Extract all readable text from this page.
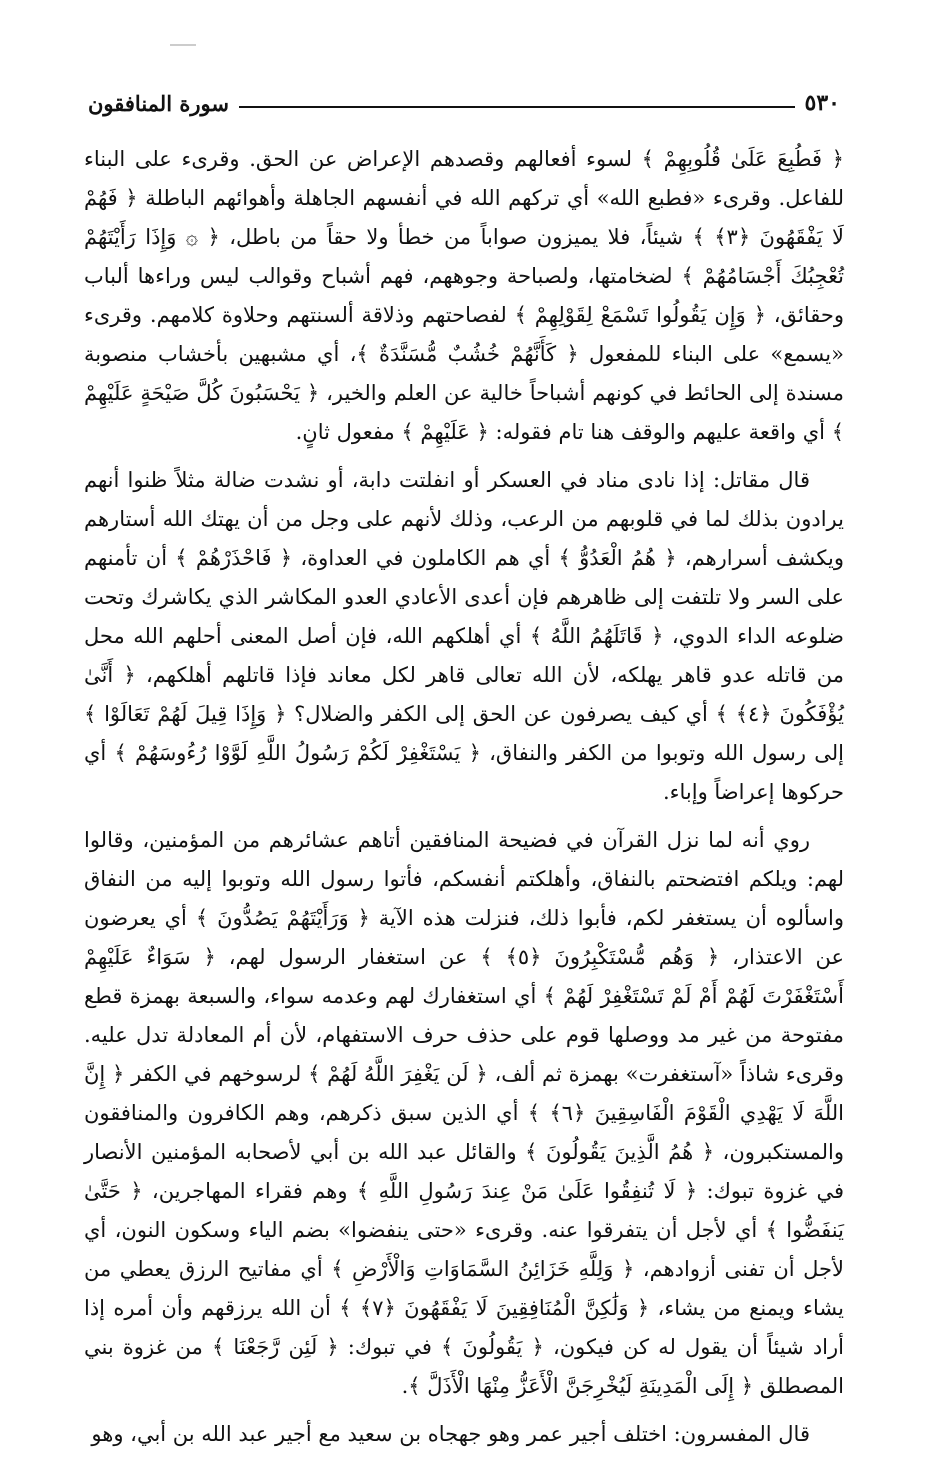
٥٣٠
سورة المنافقون

﴿ فَطُبِعَ عَلَىٰ قُلُوبِهِمْ ﴾ لسوء أفعالهم وقصدهم الإعراض عن الحق. وقرىء على البناء للفاعل. وقرىء «فطبع الله» أي تركهم الله في أنفسهم الجاهلة وأهوائهم الباطلة ﴿ فَهُمْ لَا يَفْقَهُونَ ﴿٣﴾ ﴾ شيئاً، فلا يميزون صواباً من خطأ ولا حقاً من باطل، ﴿ ۞ وَإِذَا رَأَيْتَهُمْ تُعْجِبُكَ أَجْسَامُهُمْ ﴾ لضخامتها، ولصباحة وجوههم، فهم أشباح وقوالب ليس وراءها ألباب وحقائق، ﴿ وَإِن يَقُولُوا تَسْمَعْ لِقَوْلِهِمْ ﴾ لفصاحتهم وذلاقة ألسنتهم وحلاوة كلامهم. وقرىء «يسمع» على البناء للمفعول ﴿ كَأَنَّهُمْ خُشُبٌ مُّسَنَّدَةٌ ﴾، أي مشبهين بأخشاب منصوبة مسندة إلى الحائط في كونهم أشباحاً خالية عن العلم والخير، ﴿ يَحْسَبُونَ كُلَّ صَيْحَةٍ عَلَيْهِمْ ﴾ أي واقعة عليهم والوقف هنا تام فقوله: ﴿ عَلَيْهِمْ ﴾ مفعول ثانٍ.

قال مقاتل: إذا نادى مناد في العسكر أو انفلتت دابة، أو نشدت ضالة مثلاً ظنوا أنهم يرادون بذلك لما في قلوبهم من الرعب، وذلك لأنهم على وجل من أن يهتك الله أستارهم ويكشف أسرارهم، ﴿ هُمُ الْعَدُوُّ ﴾ أي هم الكاملون في العداوة، ﴿ فَاحْذَرْهُمْ ﴾ أن تأمنهم على السر ولا تلتفت إلى ظاهرهم فإن أعدى الأعادي العدو المكاشر الذي يكاشرك وتحت ضلوعه الداء الدوي، ﴿ قَاتَلَهُمُ اللَّهُ ﴾ أي أهلكهم الله، فإن أصل المعنى أحلهم الله محل من قاتله عدو قاهر يهلكه، لأن الله تعالى قاهر لكل معاند فإذا قاتلهم أهلكهم، ﴿ أَنَّىٰ يُؤْفَكُونَ ﴿٤﴾ ﴾ أي كيف يصرفون عن الحق إلى الكفر والضلال؟ ﴿ وَإِذَا قِيلَ لَهُمْ تَعَالَوْا ﴾ إلى رسول الله وتوبوا من الكفر والنفاق، ﴿ يَسْتَغْفِرْ لَكُمْ رَسُولُ اللَّهِ لَوَّوْا رُءُوسَهُمْ ﴾ أي حركوها إعراضاً وإباء.

روي أنه لما نزل القرآن في فضيحة المنافقين أتاهم عشائرهم من المؤمنين، وقالوا لهم: ويلكم افتضحتم بالنفاق، وأهلكتم أنفسكم، فأتوا رسول الله وتوبوا إليه من النفاق واسألوه أن يستغفر لكم، فأبوا ذلك، فنزلت هذه الآية ﴿ وَرَأَيْتَهُمْ يَصُدُّونَ ﴾ أي يعرضون عن الاعتذار، ﴿ وَهُم مُّسْتَكْبِرُونَ ﴿٥﴾ ﴾ عن استغفار الرسول لهم، ﴿ سَوَاءٌ عَلَيْهِمْ أَسْتَغْفَرْتَ لَهُمْ أَمْ لَمْ تَسْتَغْفِرْ لَهُمْ ﴾ أي استغفارك لهم وعدمه سواء، والسبعة بهمزة قطع مفتوحة من غير مد ووصلها قوم على حذف حرف الاستفهام، لأن أم المعادلة تدل عليه. وقرىء شاذاً «آستغفرت» بهمزة ثم ألف، ﴿ لَن يَغْفِرَ اللَّهُ لَهُمْ ﴾ لرسوخهم في الكفر ﴿ إِنَّ اللَّهَ لَا يَهْدِي الْقَوْمَ الْفَاسِقِينَ ﴿٦﴾ ﴾ أي الذين سبق ذكرهم، وهم الكافرون والمنافقون والمستكبرون، ﴿ هُمُ الَّذِينَ يَقُولُونَ ﴾ والقائل عبد الله بن أبي لأصحابه المؤمنين الأنصار في غزوة تبوك: ﴿ لَا تُنفِقُوا عَلَىٰ مَنْ عِندَ رَسُولِ اللَّهِ ﴾ وهم فقراء المهاجرين، ﴿ حَتَّىٰ يَنفَضُّوا ﴾ أي لأجل أن يتفرقوا عنه. وقرىء «حتى ينفضوا» بضم الياء وسكون النون، أي لأجل أن تفنى أزوادهم، ﴿ وَلِلَّهِ خَزَائِنُ السَّمَاوَاتِ وَالْأَرْضِ ﴾ أي مفاتيح الرزق يعطي من يشاء ويمنع من يشاء، ﴿ وَلَٰكِنَّ الْمُنَافِقِينَ لَا يَفْقَهُونَ ﴿٧﴾ ﴾ أن الله يرزقهم وأن أمره إذا أراد شيئاً أن يقول له كن فيكون، ﴿ يَقُولُونَ ﴾ في تبوك: ﴿ لَئِن رَّجَعْنَا ﴾ من غزوة بني المصطلق ﴿ إِلَى الْمَدِينَةِ لَيُخْرِجَنَّ الْأَعَزُّ مِنْهَا الْأَذَلَّ ﴾.

قال المفسرون: اختلف أجير عمر وهو جهجاه بن سعيد مع أجير عبد الله بن أبي، وهو
